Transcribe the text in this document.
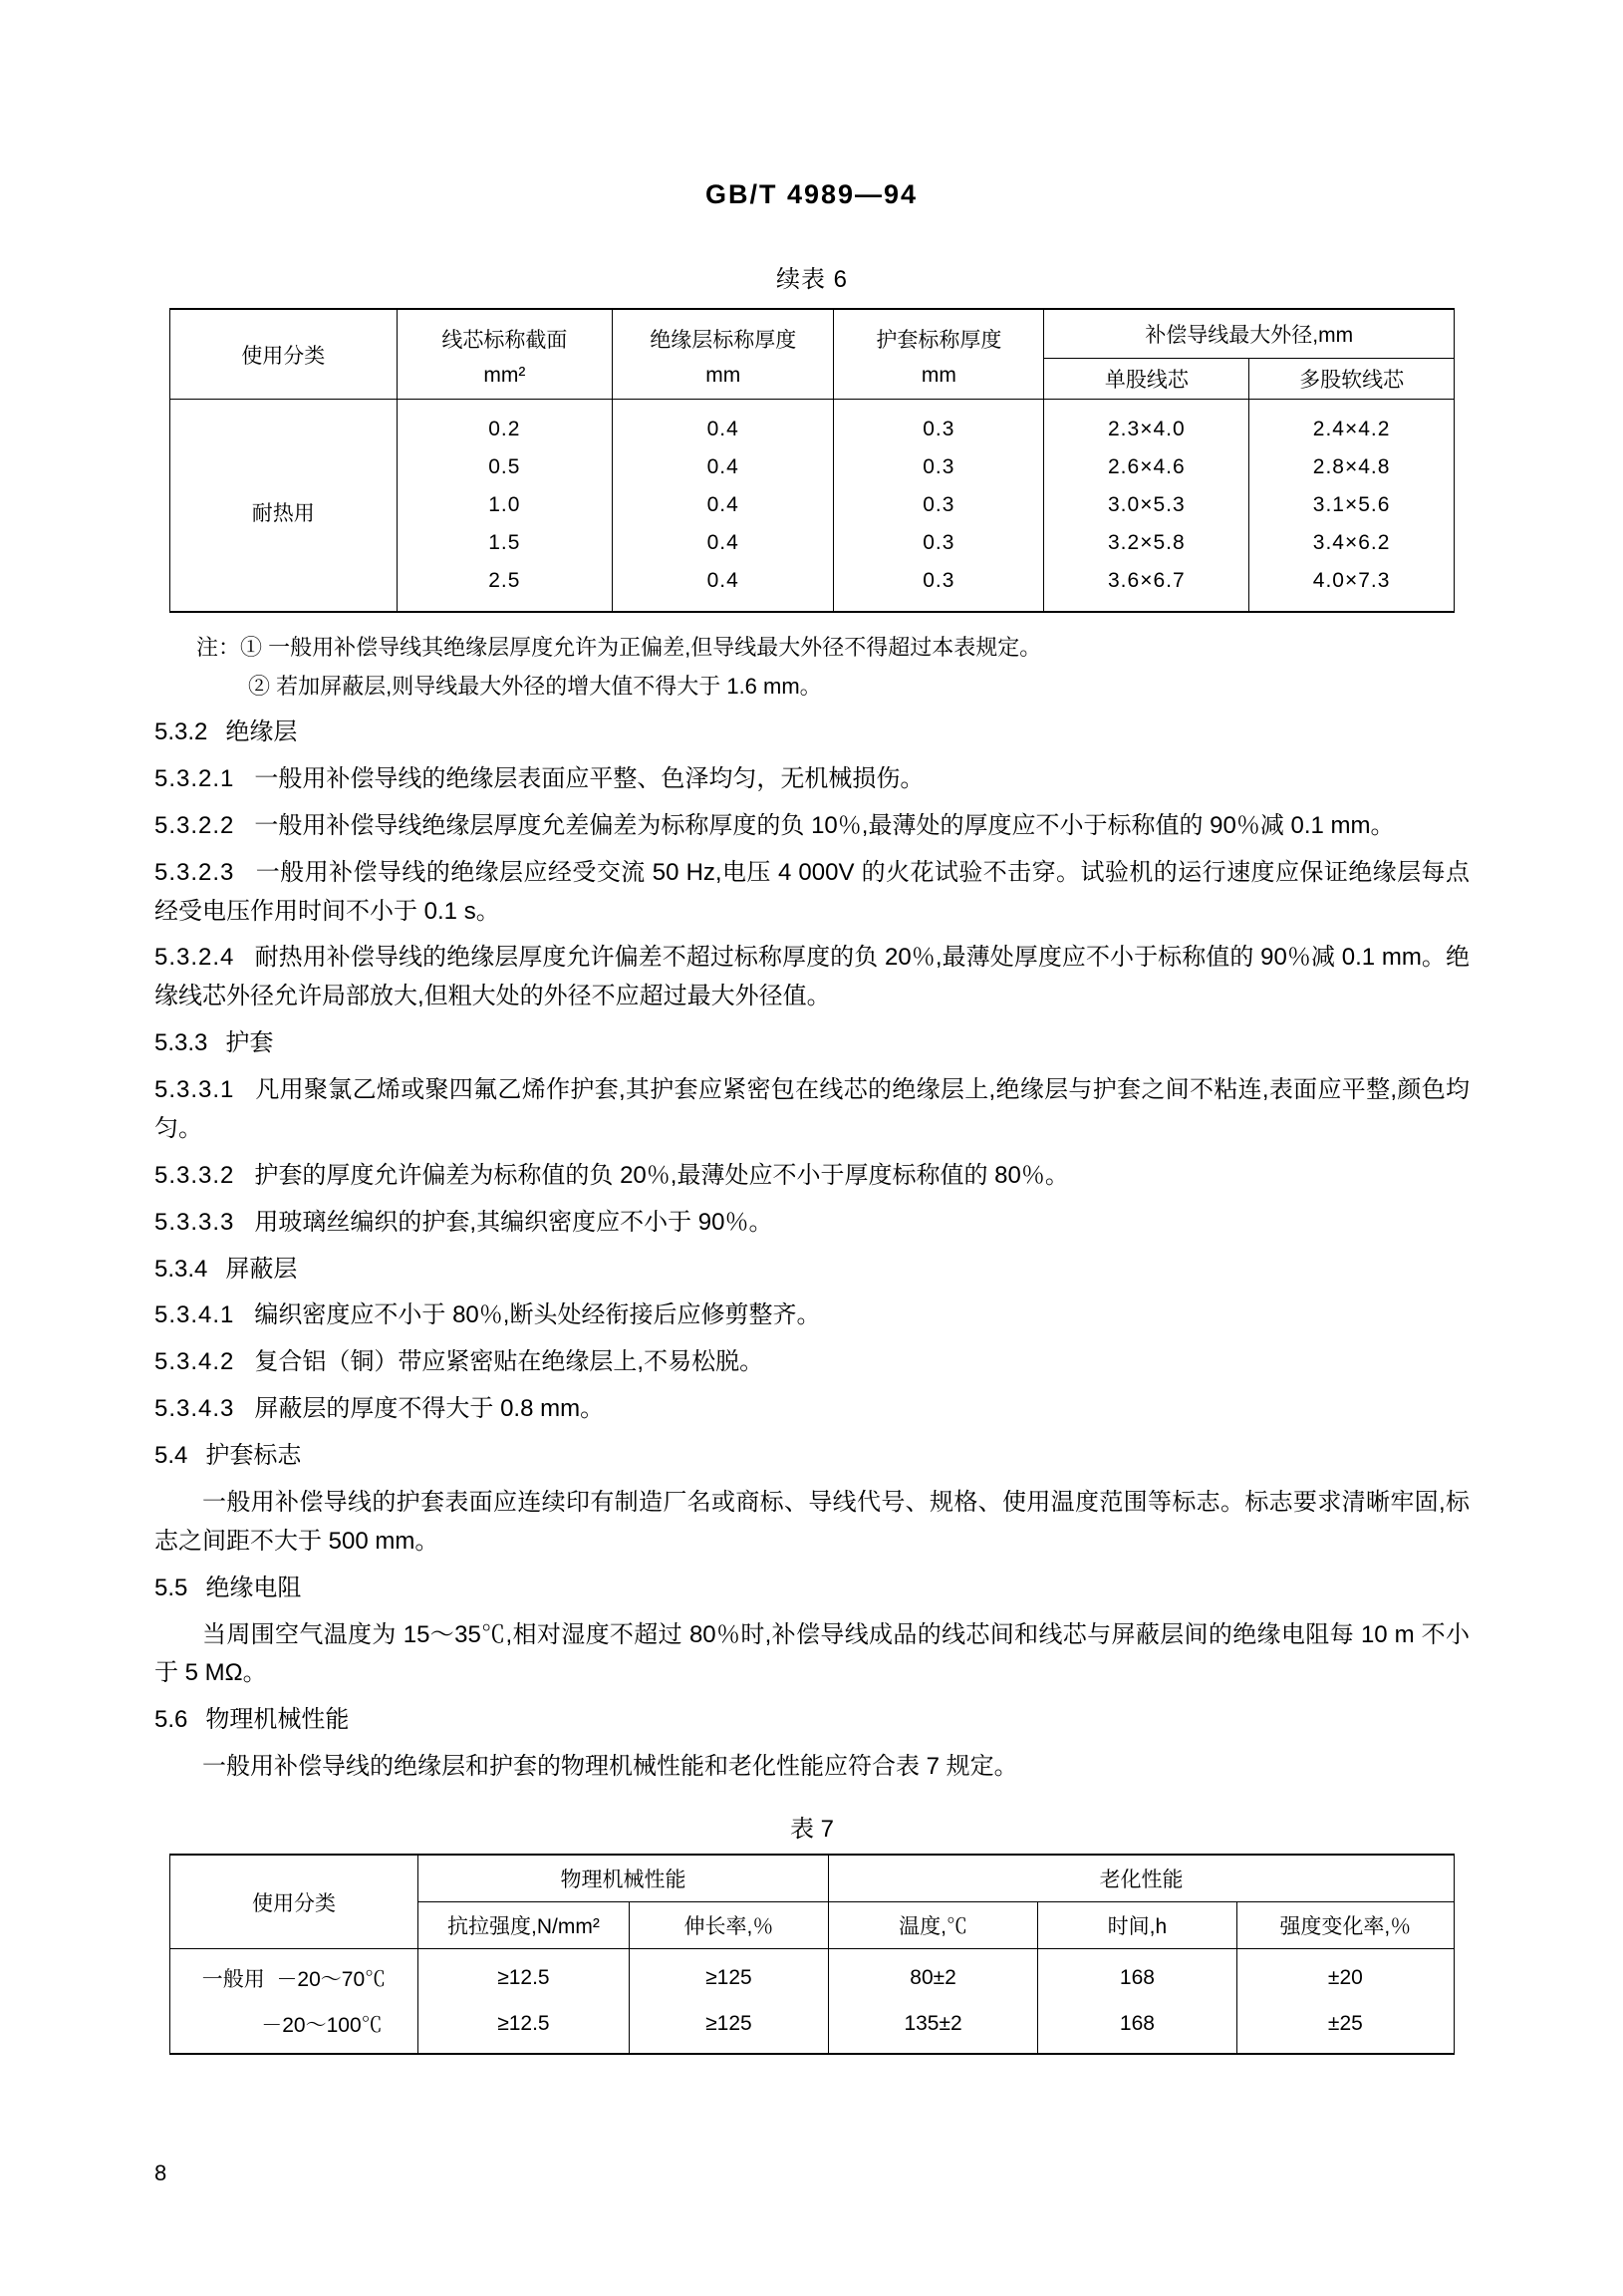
GB/T 4989—94
续表 6
使用分类	线芯标称截面	绝缘层标称厚度	护套标称厚度	补偿导线最大外径,mm	
	mm²	mm	mm	单股线芯	多股软线芯
耐热用	0.2	0.4	0.3	2.3×4.0	2.4×4.2
	0.5	0.4	0.3	2.6×4.6	2.8×4.8
	1.0	0.4	0.3	3.0×5.3	3.1×5.6
	1.5	0.4	0.3	3.2×5.8	3.4×6.2
	2.5	0.4	0.3	3.6×6.7	4.0×7.3
注：① 一般用补偿导线其绝缘层厚度允许为正偏差,但导线最大外径不得超过本表规定。
② 若加屏蔽层,则导线最大外径的增大值不得大于 1.6 mm。
5.3.2 绝缘层
5.3.2.1 一般用补偿导线的绝缘层表面应平整、色泽均匀，无机械损伤。
5.3.2.2 一般用补偿导线绝缘层厚度允差偏差为标称厚度的负 10％,最薄处的厚度应不小于标称值的 90％减 0.1 mm。
5.3.2.3 一般用补偿导线的绝缘层应经受交流 50 Hz,电压 4 000V 的火花试验不击穿。试验机的运行速度应保证绝缘层每点经受电压作用时间不小于 0.1 s。
5.3.2.4 耐热用补偿导线的绝缘层厚度允许偏差不超过标称厚度的负 20％,最薄处厚度应不小于标称值的 90％减 0.1 mm。绝缘线芯外径允许局部放大,但粗大处的外径不应超过最大外径值。
5.3.3 护套
5.3.3.1 凡用聚氯乙烯或聚四氟乙烯作护套,其护套应紧密包在线芯的绝缘层上,绝缘层与护套之间不粘连,表面应平整,颜色均匀。
5.3.3.2 护套的厚度允许偏差为标称值的负 20％,最薄处应不小于厚度标称值的 80％。
5.3.3.3 用玻璃丝编织的护套,其编织密度应不小于 90％。
5.3.4 屏蔽层
5.3.4.1 编织密度应不小于 80％,断头处经衔接后应修剪整齐。
5.3.4.2 复合铝（铜）带应紧密贴在绝缘层上,不易松脱。
5.3.4.3 屏蔽层的厚度不得大于 0.8 mm。
5.4 护套标志
一般用补偿导线的护套表面应连续印有制造厂名或商标、导线代号、规格、使用温度范围等标志。标志要求清晰牢固,标志之间距不大于 500 mm。
5.5 绝缘电阻
当周围空气温度为 15～35℃,相对湿度不超过 80％时,补偿导线成品的线芯间和线芯与屏蔽层间的绝缘电阻每 10 m 不小于 5 MΩ。
5.6 物理机械性能
一般用补偿导线的绝缘层和护套的物理机械性能和老化性能应符合表 7 规定。
表 7
使用分类	物理机械性能		老化性能		
	抗拉强度,N/mm²	伸长率,％	温度,℃	时间,h	强度变化率,％
一般用 －20～70℃	≥12.5	≥125	80±2	168	±20
－20～100℃	≥12.5	≥125	135±2	168	±25
8
